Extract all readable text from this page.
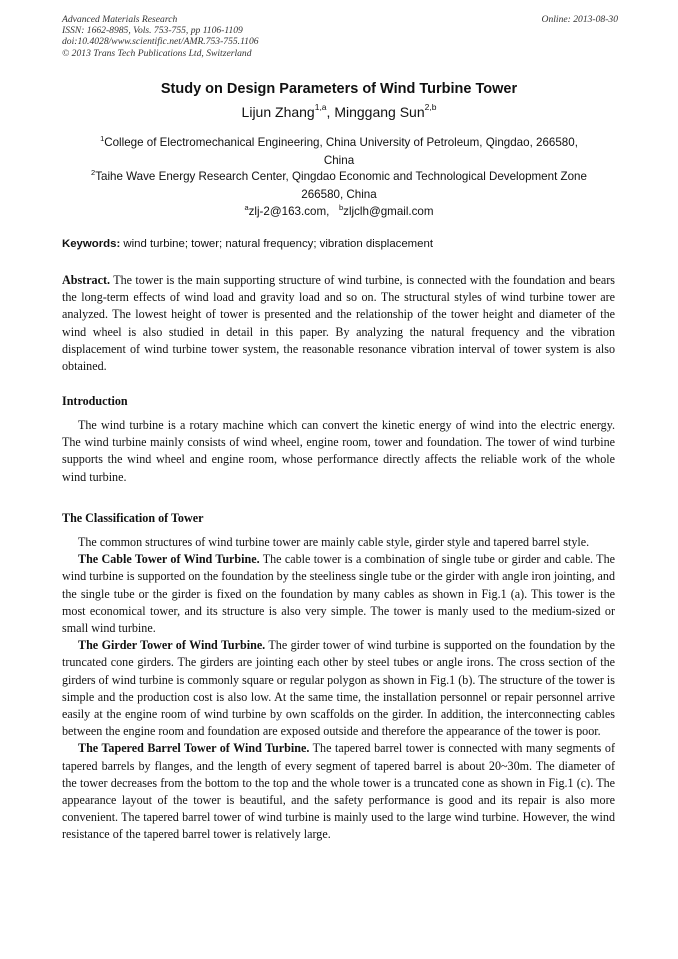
Advanced Materials Research
ISSN: 1662-8985, Vols. 753-755, pp 1106-1109
doi:10.4028/www.scientific.net/AMR.753-755.1106
© 2013 Trans Tech Publications Ltd, Switzerland
Online: 2013-08-30
Study on Design Parameters of Wind Turbine Tower
Lijun Zhang$^{1,a}$, Minggang Sun$^{2,b}$
$^1$College of Electromechanical Engineering, China University of Petroleum, Qingdao, 266580,
China
$^2$Taihe Wave Energy Research Center, Qingdao Economic and Technological Development Zone
266580, China
$^a$zlj-2@163.com, $^b$zljclh@gmail.com
Keywords: wind turbine; tower; natural frequency; vibration displacement

Abstract. The tower is the main supporting structure of wind turbine, is connected with the foundation and bears the long-term effects of wind load and gravity load and so on. The structural styles of wind turbine tower are analyzed. The lowest height of tower is presented and the relationship of the tower height and diameter of the wind wheel is also studied in detail in this paper. By analyzing the natural frequency and the vibration displacement of wind turbine tower system, the reasonable resonance vibration interval of tower system is also obtained.

Introduction

The wind turbine is a rotary machine which can convert the kinetic energy of wind into the electric energy. The wind turbine mainly consists of wind wheel, engine room, tower and foundation. The tower of wind turbine supports the wind wheel and engine room, whose performance directly affects the reliable work of the whole wind turbine.

The Classification of Tower

The common structures of wind turbine tower are mainly cable style, girder style and tapered barrel style.

The Cable Tower of Wind Turbine. The cable tower is a combination of single tube or girder and cable. The wind turbine is supported on the foundation by the steeliness single tube or the girder with angle iron jointing, and the single tube or the girder is fixed on the foundation by many cables as shown in Fig.1 (a). This tower is the most economical tower, and its structure is also very simple. The tower is manly used to the medium-sized or small wind turbine.

The Girder Tower of Wind Turbine. The girder tower of wind turbine is supported on the foundation by the truncated cone girders. The girders are jointing each other by steel tubes or angle irons. The cross section of the girders of wind turbine is commonly square or regular polygon as shown in Fig.1 (b). The structure of the tower is simple and the production cost is also low. At the same time, the installation personnel or repair personnel arrive easily at the engine room of wind turbine by own scaffolds on the girder. In addition, the interconnecting cables between the engine room and foundation are exposed outside and therefore the appearance of the tower is poor.

The Tapered Barrel Tower of Wind Turbine. The tapered barrel tower is connected with many segments of tapered barrels by flanges, and the length of every segment of tapered barrel is about 20~30m. The diameter of the tower decreases from the bottom to the top and the whole tower is a truncated cone as shown in Fig.1 (c). The appearance layout of the tower is beautiful, and the safety performance is good and its repair is also more convenient. The tapered barrel tower of wind turbine is mainly used to the large wind turbine. However, the wind resistance of the tapered barrel tower is relatively large.
